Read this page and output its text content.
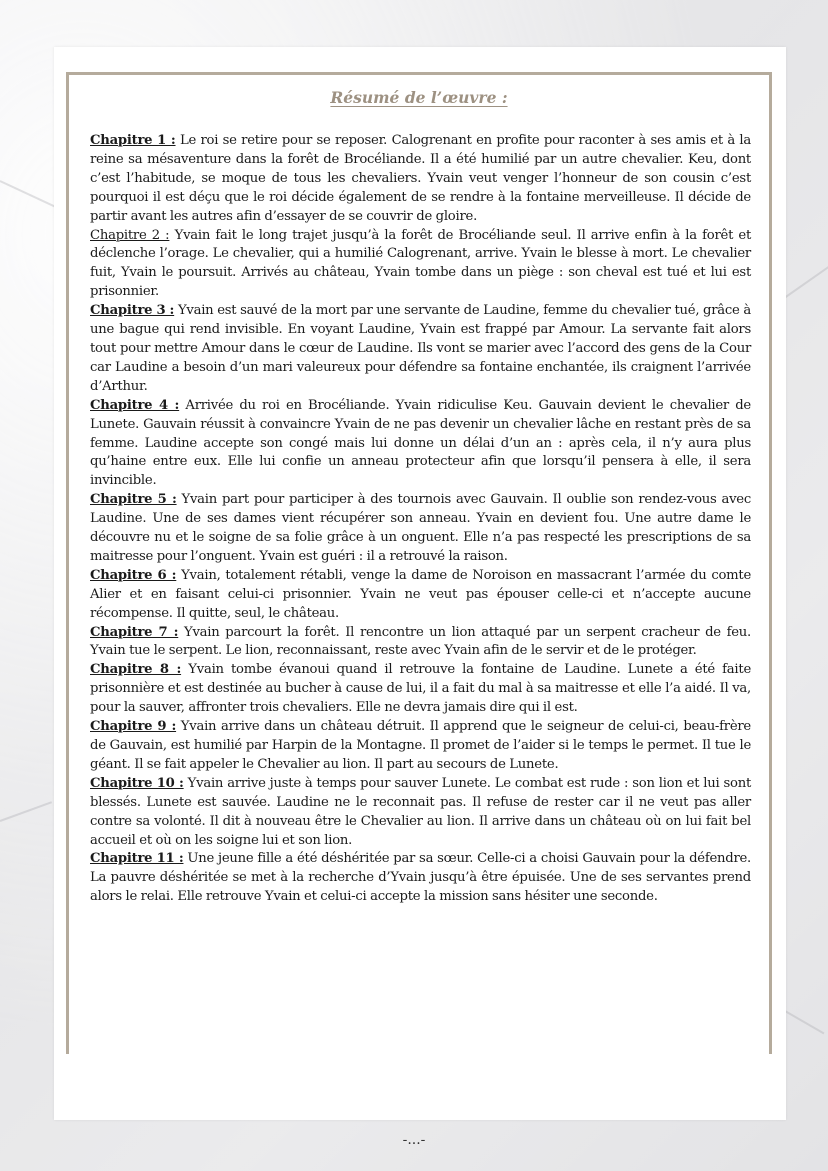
Résumé de l’œuvre :

Chapitre 1 : Le roi se retire pour se reposer. Calogrenant en profite pour raconter à ses amis et à la reine sa mésaventure dans la forêt de Brocéliande. Il a été humilié par un autre chevalier. Keu, dont c’est l’habitude, se moque de tous les chevaliers. Yvain veut venger l’honneur de son cousin c’est pourquoi il est déçu que le roi décide également de se rendre à la fontaine merveilleuse. Il décide de partir avant les autres afin d’essayer de se couvrir de gloire.

Chapitre 2 : Yvain fait le long trajet jusqu’à la forêt de Brocéliande seul. Il arrive enfin à la forêt et déclenche l’orage. Le chevalier, qui a humilié Calogrenant, arrive. Yvain le blesse à mort. Le chevalier fuit, Yvain le poursuit. Arrivés au château, Yvain tombe dans un piège : son cheval est tué et lui est prisonnier.

Chapitre 3 : Yvain est sauvé de la mort par une servante de Laudine, femme du chevalier tué, grâce à une bague qui rend invisible. En voyant Laudine, Yvain est frappé par Amour. La servante fait alors tout pour mettre Amour dans le cœur de Laudine. Ils vont se marier avec l’accord des gens de la Cour car Laudine a besoin d’un mari valeureux pour défendre sa fontaine enchantée, ils craignent l’arrivée d’Arthur.

Chapitre 4 : Arrivée du roi en Brocéliande. Yvain ridiculise Keu. Gauvain devient le chevalier de Lunete. Gauvain réussit à convaincre Yvain de ne pas devenir un chevalier lâche en restant près de sa femme. Laudine accepte son congé mais lui donne un délai d’un an : après cela, il n’y aura plus qu’haine entre eux. Elle lui confie un anneau protecteur afin que lorsqu’il pensera à elle, il sera invincible.

Chapitre 5 : Yvain part pour participer à des tournois avec Gauvain. Il oublie son rendez-vous avec Laudine. Une de ses dames vient récupérer son anneau. Yvain en devient fou. Une autre dame le découvre nu et le soigne de sa folie grâce à un onguent. Elle n’a pas respecté les prescriptions de sa maitresse pour l’onguent. Yvain est guéri : il a retrouvé la raison.

Chapitre 6 : Yvain, totalement rétabli, venge la dame de Noroison en massacrant l’armée du comte Alier et en faisant celui-ci prisonnier. Yvain ne veut pas épouser celle-ci et n’accepte aucune récompense. Il quitte, seul, le château.

Chapitre 7 : Yvain parcourt la forêt. Il rencontre un lion attaqué par un serpent cracheur de feu. Yvain tue le serpent. Le lion, reconnaissant, reste avec Yvain afin de le servir et de le protéger.

Chapitre 8 : Yvain tombe évanoui quand il retrouve la fontaine de Laudine. Lunete a été faite prisonnière et est destinée au bucher à cause de lui, il a fait du mal à sa maitresse et elle l’a aidé. Il va, pour la sauver, affronter trois chevaliers. Elle ne devra jamais dire qui il est.

Chapitre 9 : Yvain arrive dans un château détruit. Il apprend que le seigneur de celui-ci, beau-frère de Gauvain, est humilié par Harpin de la Montagne. Il promet de l’aider si le temps le permet. Il tue le géant. Il se fait appeler le Chevalier au lion. Il part au secours de Lunete.

Chapitre 10 : Yvain arrive juste à temps pour sauver Lunete. Le combat est rude : son lion et lui sont blessés. Lunete est sauvée. Laudine ne le reconnait pas. Il refuse de rester car il ne veut pas aller contre sa volonté. Il dit à nouveau être le Chevalier au lion. Il arrive dans un château où on lui fait bel accueil et où on les soigne lui et son lion.

Chapitre 11 : Une jeune fille a été déshéritée par sa sœur. Celle-ci a choisi Gauvain pour la défendre. La pauvre déshéritée se met à la recherche d’Yvain jusqu’à être épuisée. Une de ses servantes prend alors le relai. Elle retrouve Yvain et celui-ci accepte la mission sans hésiter une seconde.

-...-
